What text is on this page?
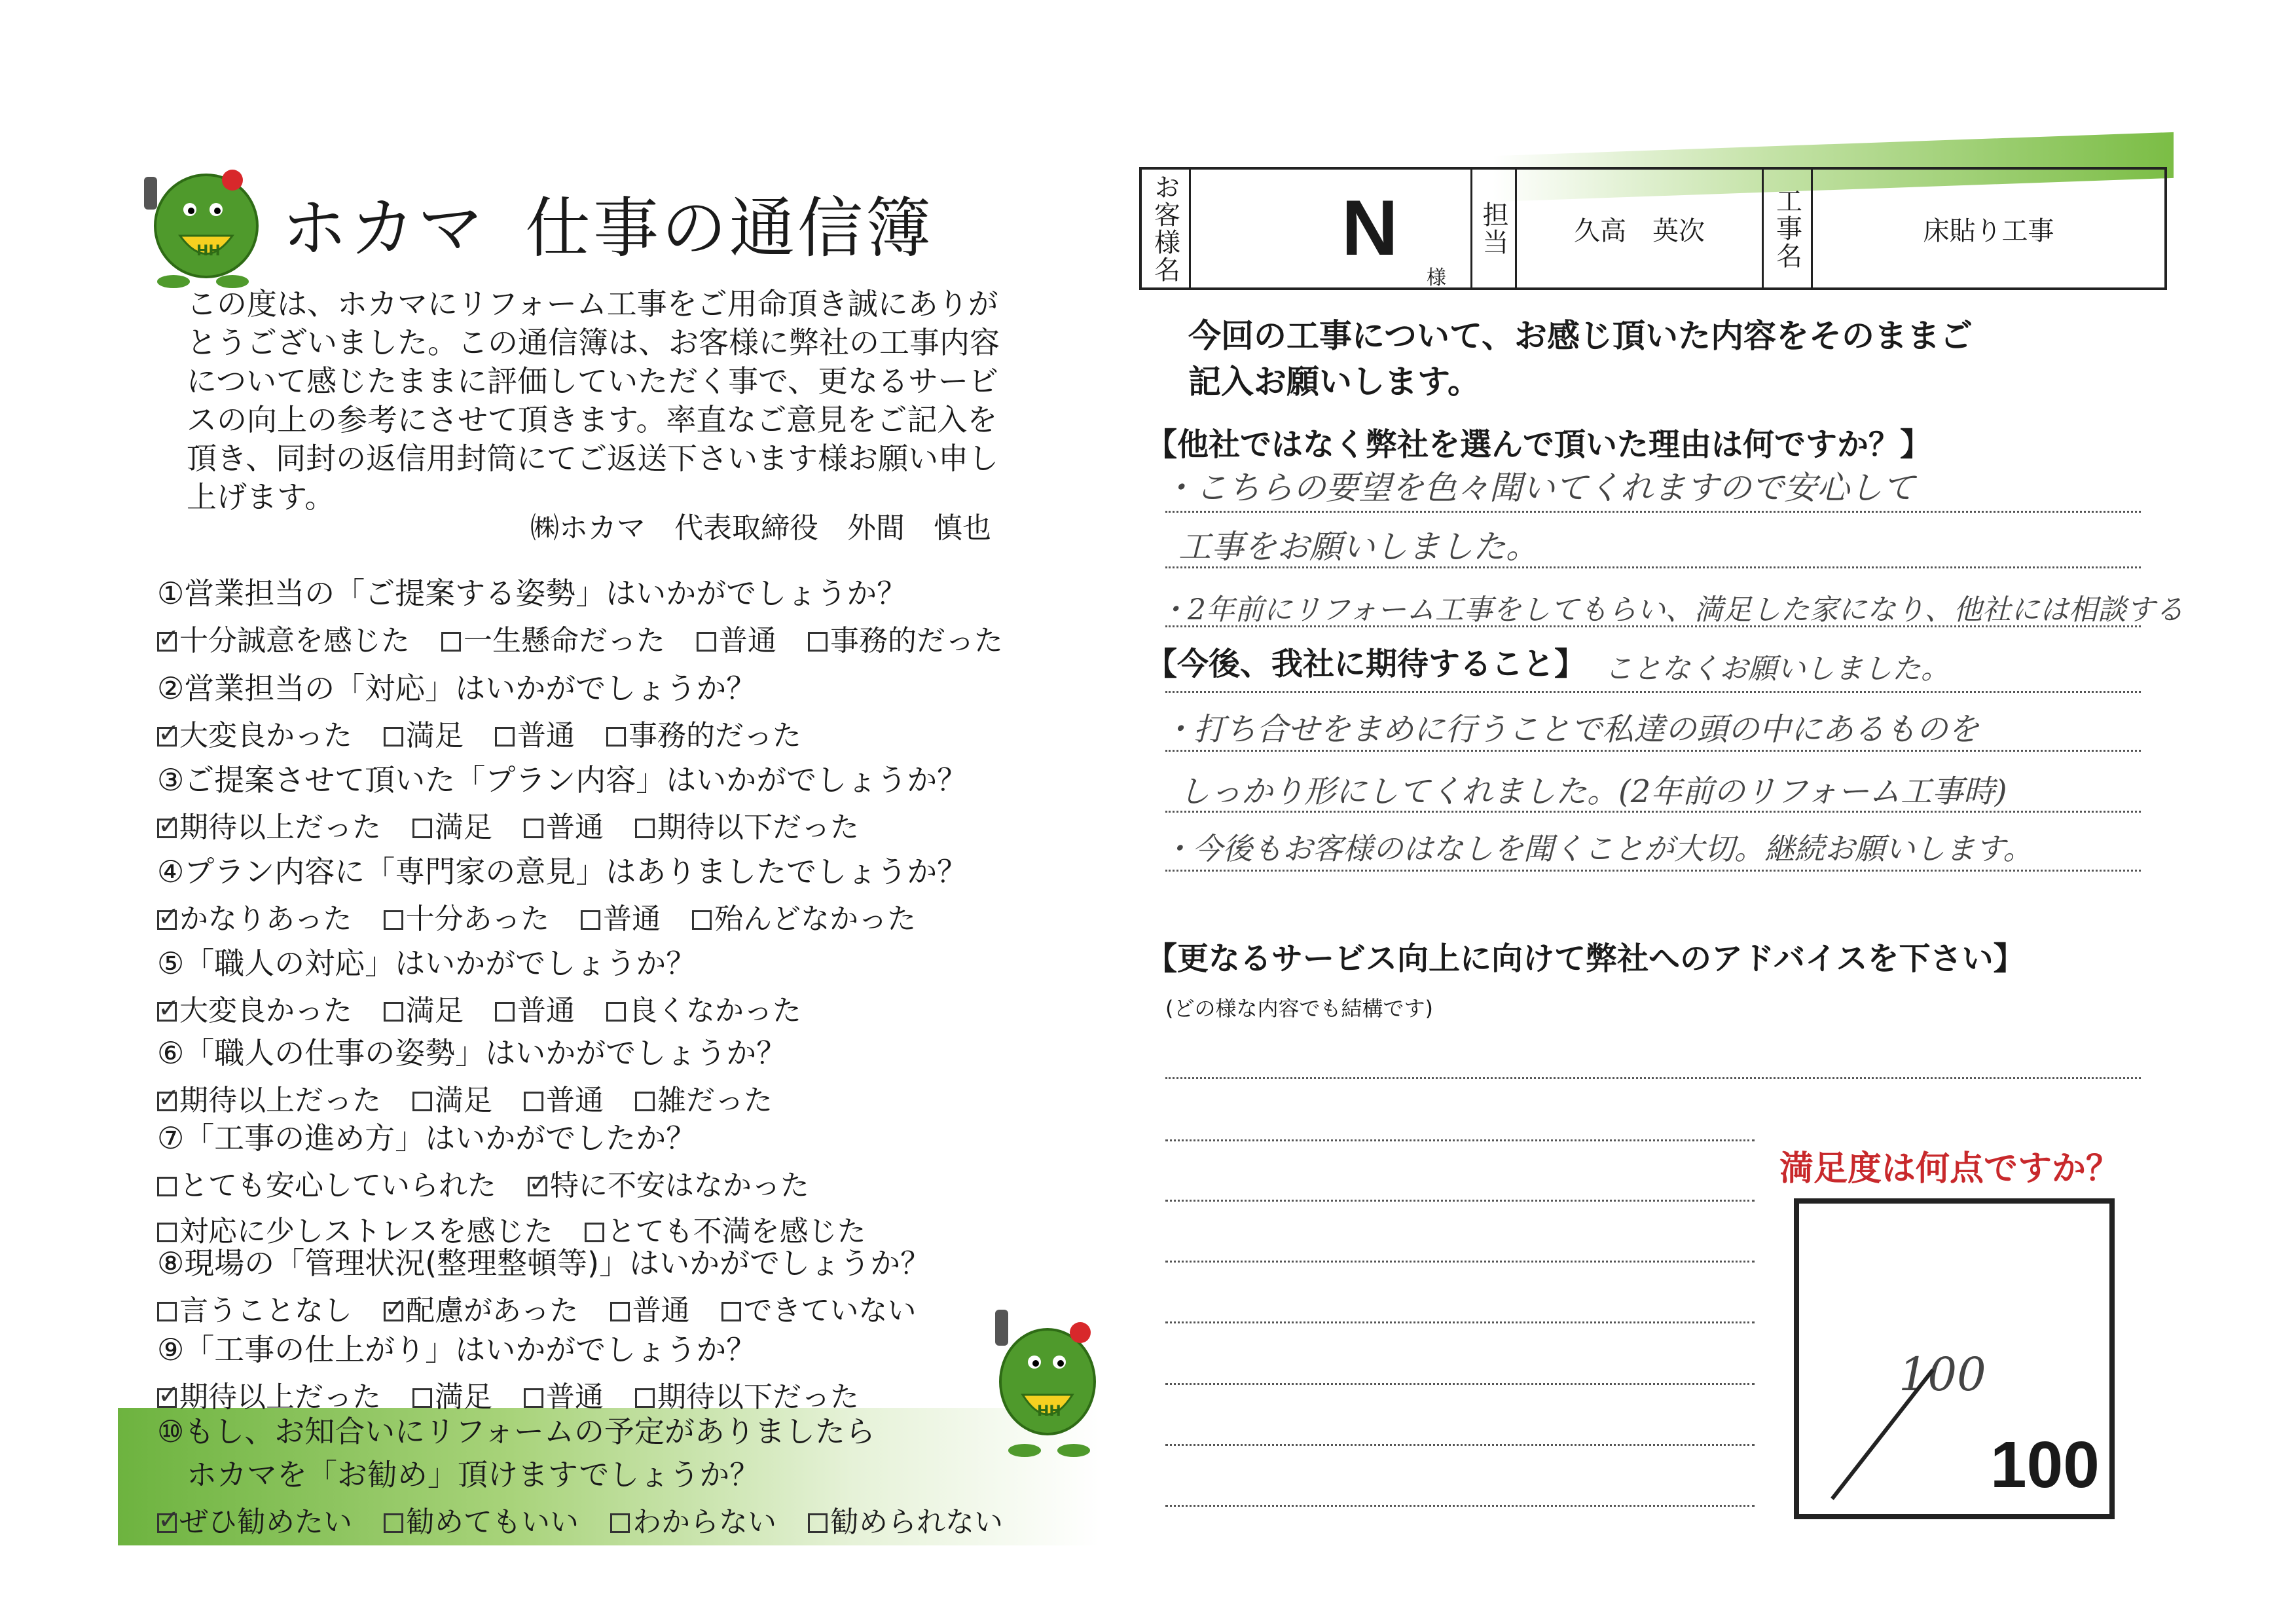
HH ホカマ 仕事の通信簿

この度は、ホカマにリフォーム工事をご用命頂き誠にありが

とうございました。この通信簿は、お客様に弊社の工事内容

について感じたままに評価していただく事で、更なるサービ

スの向上の参考にさせて頂きます。率直なご意見をご記入を

頂き、同封の返信用封筒にてご返送下さいます様お願い申し

上げます。

㈱ホカマ　代表取締役　外間　慎也
①営業担当の「ご提案する姿勢」はいかがでしょうか？
✓十分誠意を感じた 一生懸命だった 普通 事務的だった
②営業担当の「対応」はいかがでしょうか？
✓大変良かった 満足 普通 事務的だった
③ご提案させて頂いた「プラン内容」はいかがでしょうか？
✓期待以上だった 満足 普通 期待以下だった
④プラン内容に「専門家の意見」はありましたでしょうか？
✓かなりあった 十分あった 普通 殆んどなかった
⑤「職人の対応」はいかがでしょうか？
✓大変良かった 満足 普通 良くなかった
⑥「職人の仕事の姿勢」はいかがでしょうか？
✓期待以上だった 満足 普通 雑だった
⑦「工事の進め方」はいかがでしたか？
とても安心していられた ✓ 特に不安はなかった
対応に少しストレスを感じた とても不満を感じた
⑧現場の「管理状況(整理整頓等)」はいかがでしょうか？
言うことなし ✓ 配慮があった 普通 できていない
⑨「工事の仕上がり」はいかがでしょうか？
✓期待以上だった 満足 普通 期待以下だった
⑩もし、お知合いにリフォームの予定がありましたら
ホカマを「お勧め」頂けますでしょうか？
✓ぜひ勧めたい 勧めてもいい わからない 勧められない
HH
お客様名 N
様
担当	久高　英次	工事名	床貼り工事
今回の工事について、お感じ頂いた内容をそのままご
記入お願いします。
【他社ではなく弊社を選んで頂いた理由は何ですか？】
・こちらの要望を色々聞いてくれますので安心して
工事をお願いしました。
・2年前にリフォーム工事をしてもらい、満足した家になり、他社には相談する
【今後、我社に期待すること】 ことなくお願いしました。
・打ち合せをまめに行うことで私達の頭の中にあるものを
しっかり形にしてくれました。(2年前のリフォーム工事時)
・今後もお客様のはなしを聞くことが大切。継続お願いします。
【更なるサービス向上に向けて弊社へのアドバイスを下さい】
(どの様な内容でも結構です)
満足度は何点ですか？
100
100
